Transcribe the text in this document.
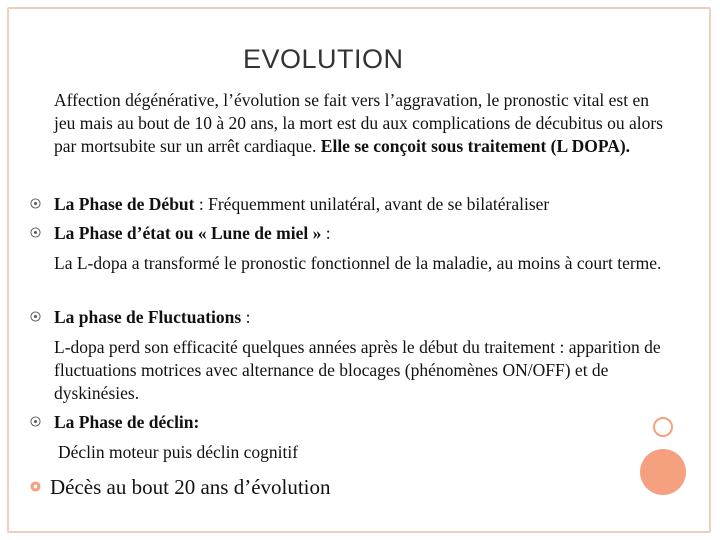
EVOLUTION
Affection dégénérative, l’évolution se fait vers l’aggravation, le pronostic vital est en jeu mais au bout de 10 à 20 ans, la mort est du aux complications de décubitus ou alors par mortsubite sur un arrêt cardiaque. Elle se conçoit sous traitement (L DOPA).
La Phase de Début : Fréquemment unilatéral, avant de se bilatéraliser
La Phase d’état ou « Lune de miel » :
La L-dopa a transformé le pronostic fonctionnel de la maladie, au moins à court terme.
La phase de Fluctuations :
L-dopa perd son efficacité quelques années après le début du traitement : apparition de fluctuations motrices avec alternance de blocages (phénomènes ON/OFF) et de dyskinésies.
La Phase de déclin:
Déclin moteur puis déclin cognitif
Décès au bout 20 ans d’évolution
